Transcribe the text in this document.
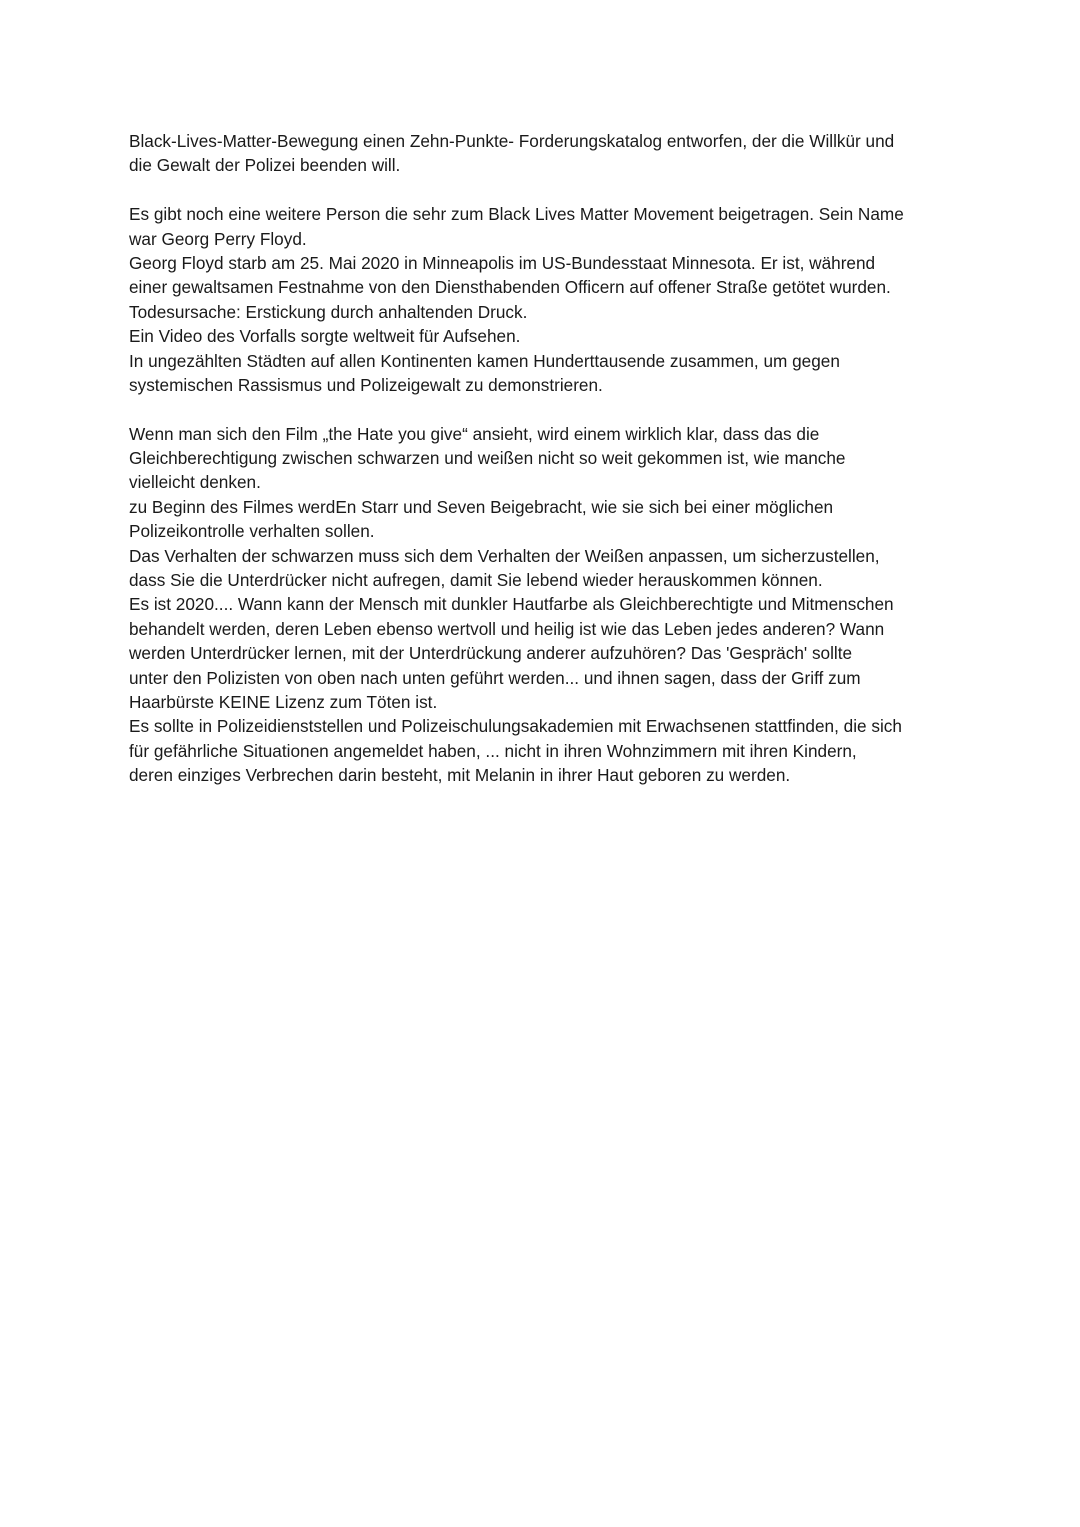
Black-Lives-Matter-Bewegung einen Zehn-Punkte- Forderungskatalog entworfen, der die Willkür und
die Gewalt der Polizei beenden will.
Es gibt noch eine weitere Person die sehr zum Black Lives Matter Movement beigetragen. Sein Name
war Georg Perry Floyd.
Georg Floyd starb am 25. Mai 2020 in Minneapolis im US-Bundesstaat Minnesota. Er ist, während
einer gewaltsamen Festnahme von den Diensthabenden Officern auf offener Straße getötet wurden.
Todesursache: Erstickung durch anhaltenden Druck.
Ein Video des Vorfalls sorgte weltweit für Aufsehen.
In ungezählten Städten auf allen Kontinenten kamen Hunderttausende zusammen, um gegen
systemischen Rassismus und Polizeigewalt zu demonstrieren.
Wenn man sich den Film „the Hate you give“ ansieht, wird einem wirklich klar, dass das die
Gleichberechtigung zwischen schwarzen und weißen nicht so weit gekommen ist, wie manche
vielleicht denken.
zu Beginn des Filmes werdEn Starr und Seven Beigebracht, wie sie sich bei einer möglichen
Polizeikontrolle verhalten sollen.
Das Verhalten der schwarzen muss sich dem Verhalten der Weißen anpassen, um sicherzustellen,
dass Sie die Unterdrücker nicht aufregen, damit Sie lebend wieder herauskommen können.
Es ist 2020.... Wann kann der Mensch mit dunkler Hautfarbe als Gleichberechtigte und Mitmenschen
behandelt werden, deren Leben ebenso wertvoll und heilig ist wie das Leben jedes anderen? Wann
werden Unterdrücker lernen, mit der Unterdrückung anderer aufzuhören? Das 'Gespräch' sollte
unter den Polizisten von oben nach unten geführt werden... und ihnen sagen, dass der Griff zum
Haarbürste KEINE Lizenz zum Töten ist.
Es sollte in Polizeidienststellen und Polizeischulungsakademien mit Erwachsenen stattfinden, die sich
für gefährliche Situationen angemeldet haben, ... nicht in ihren Wohnzimmern mit ihren Kindern,
deren einziges Verbrechen darin besteht, mit Melanin in ihrer Haut geboren zu werden.
